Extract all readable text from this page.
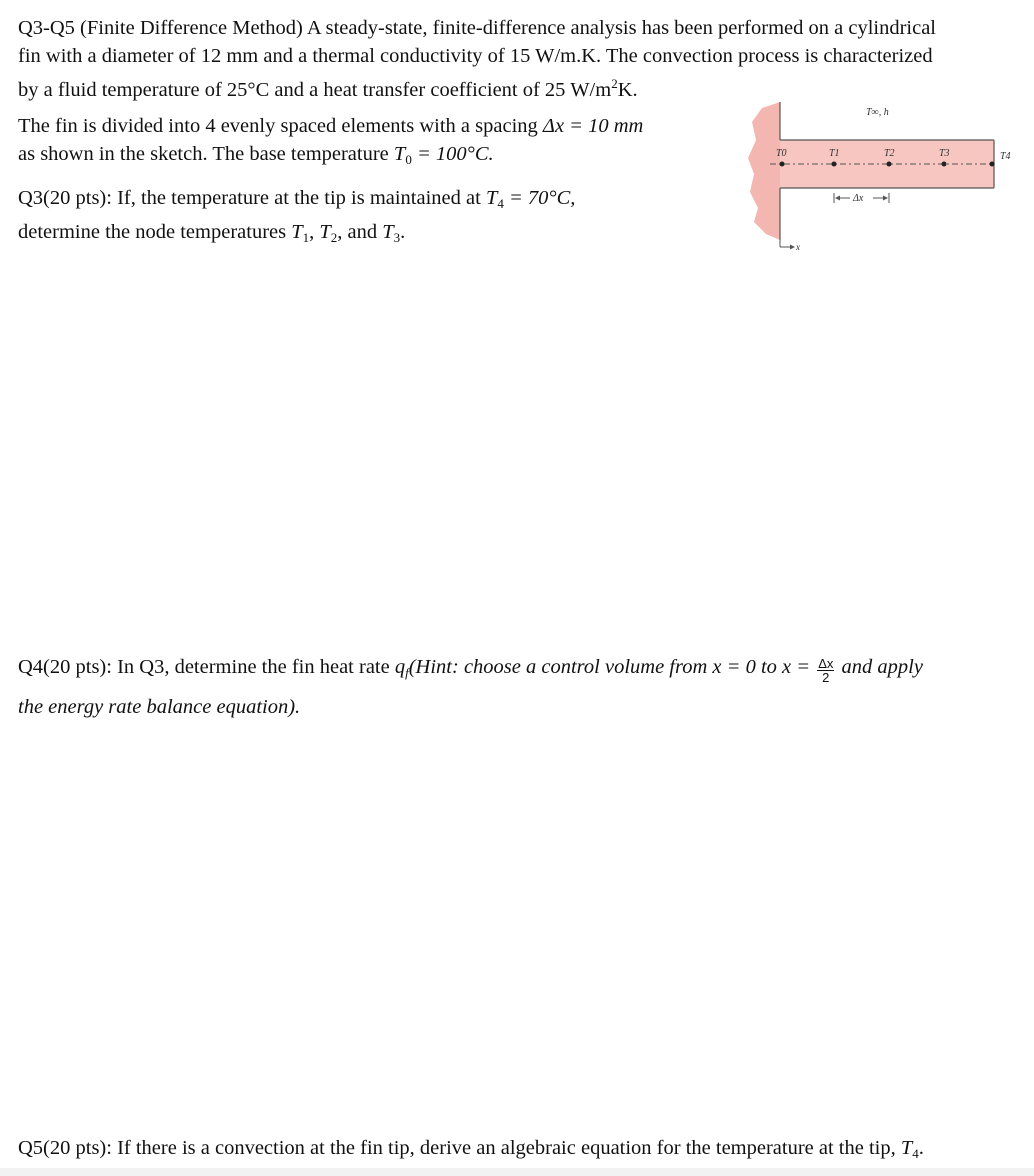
Q3-Q5 (Finite Difference Method) A steady-state, finite-difference analysis has been performed on a cylindrical
fin with a diameter of 12 mm and a thermal conductivity of 15 W/m.K. The convection process is characterized
by a fluid temperature of 25°C and a heat transfer coefficient of 25 $W/m^2K$.

The fin is divided into 4 evenly spaced elements with a spacing Δx = 10 mm
as shown in the sketch. The base temperature $T_0 = 100^\circ C$.

Q3(20 pts): If, the temperature at the tip is maintained at $T_4 = 70^\circ C$,
determine the node temperatures $T_1$, $T_2$, and $T_3$.

Q4(20 pts): In Q3, determine the fin heat rate $q_f(Hint$: choose a control volume from x = 0 to $x = \frac{\Delta x}{2}$ and apply
the energy rate balance equation).

Q5(20 pts): If there is a convection at the fin tip, derive an algebraic equation for the temperature at the tip, $T_4$.

T0	T1	T2	T3	T4
T∞, h
Δx
x
